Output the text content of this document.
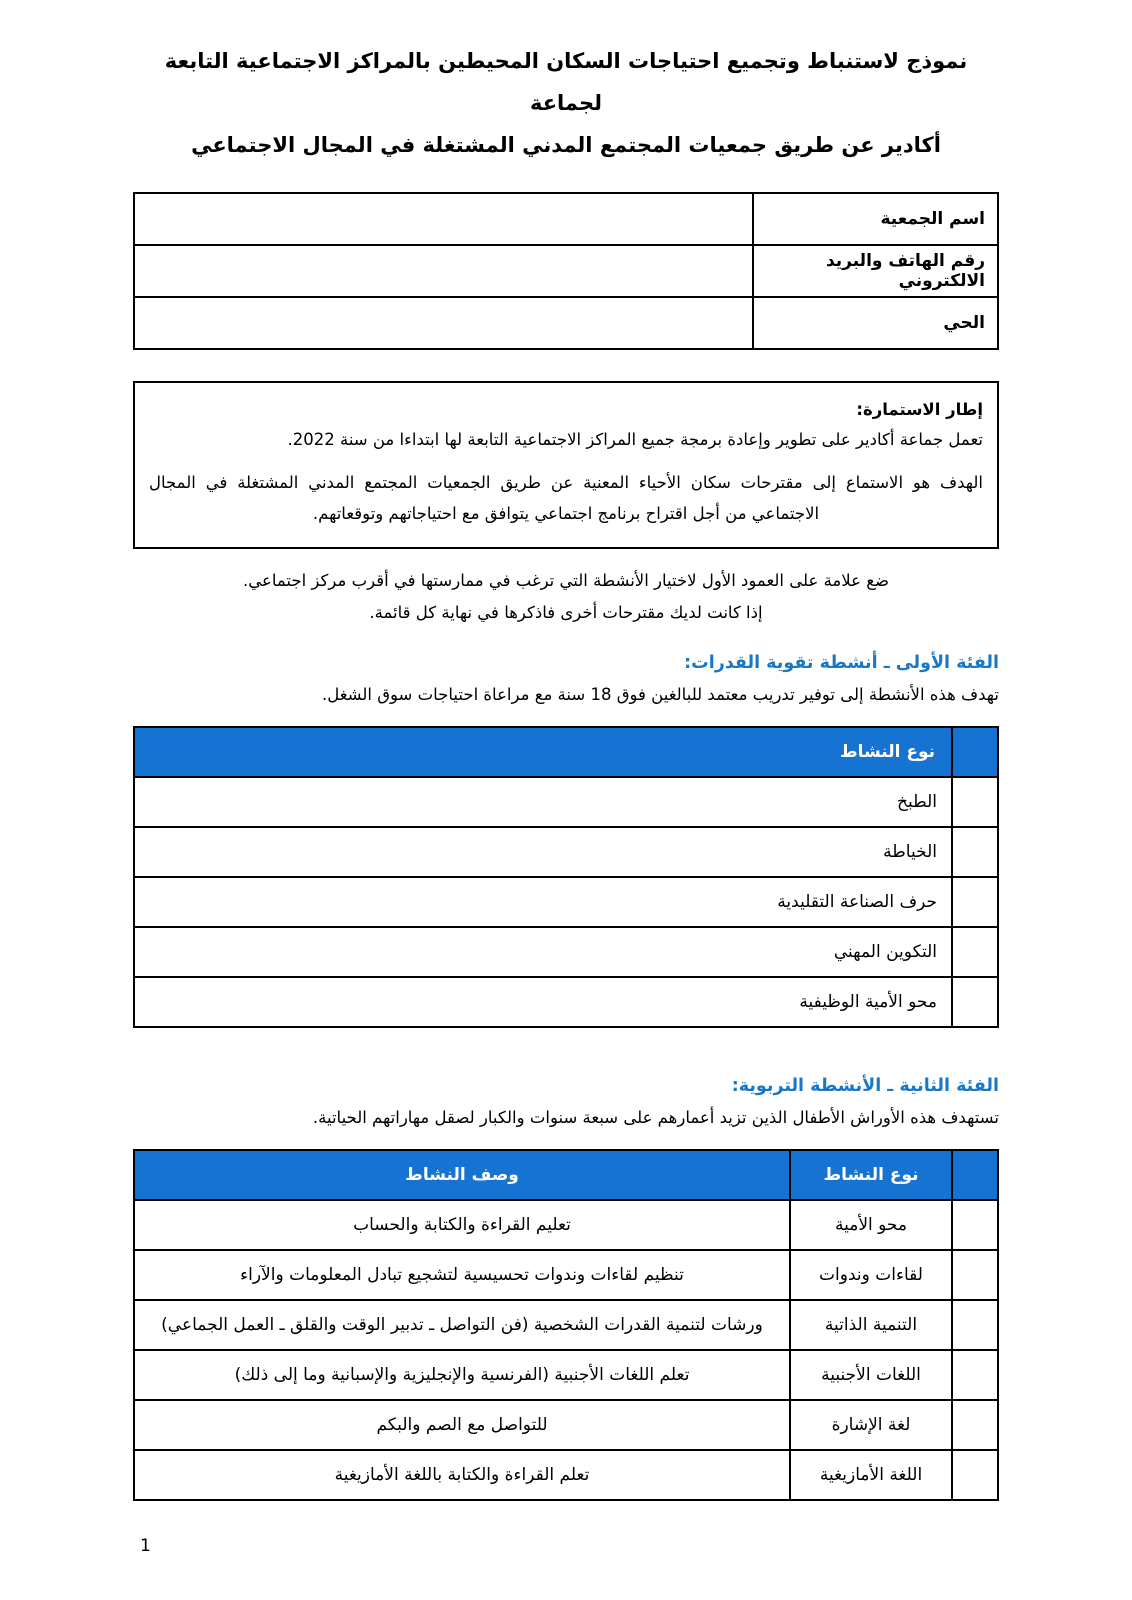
نموذج لاستنباط وتجميع احتياجات السكان المحيطين بالمراكز الاجتماعية التابعة لجماعة
أكادير عن طريق جمعيات المجتمع المدني المشتغلة في المجال الاجتماعي
اسم الجمعية	
رقم الهاتف والبريد الالكتروني	
الحي	
إطار الاستمارة:
تعمل جماعة أكادير على تطوير وإعادة برمجة جميع المراكز الاجتماعية التابعة لها ابتداءا من سنة 2022.
الهدف هو الاستماع إلى مقترحات سكان الأحياء المعنية عن طريق الجمعيات المجتمع المدني المشتغلة في المجال الاجتماعي من أجل اقتراح برنامج اجتماعي يتوافق مع احتياجاتهم وتوقعاتهم.
ضع علامة على العمود الأول لاختيار الأنشطة التي ترغب في ممارستها في أقرب مركز اجتماعي.
إذا كانت لديك مقترحات أخرى فاذكرها في نهاية كل قائمة.
الفئة الأولى ـ أنشطة تقوية القدرات:
تهدف هذه الأنشطة إلى توفير تدريب معتمد للبالغين فوق 18 سنة مع مراعاة احتياجات سوق الشغل.
	نوع النشاط
	الطبخ
	الخياطة
	حرف الصناعة التقليدية
	التكوين المهني
	محو الأمية الوظيفية
الفئة الثانية ـ الأنشطة التربوية:
تستهدف هذه الأوراش الأطفال الذين تزيد أعمارهم على سبعة سنوات والكبار لصقل مهاراتهم الحياتية.
	نوع النشاط	وصف النشاط
	محو الأمية	تعليم القراءة والكتابة والحساب
	لقاءات وندوات	تنظيم لقاءات وندوات تحسيسية لتشجيع تبادل المعلومات والآراء
	التنمية الذاتية	ورشات لتنمية القدرات الشخصية (فن التواصل ـ تدبير الوقت والقلق ـ العمل الجماعي)
	اللغات الأجنبية	تعلم اللغات الأجنبية (الفرنسية والإنجليزية والإسبانية وما إلى ذلك)
	لغة الإشارة	للتواصل مع الصم والبكم
	اللغة الأمازيغية	تعلم القراءة والكتابة باللغة الأمازيغية
1
